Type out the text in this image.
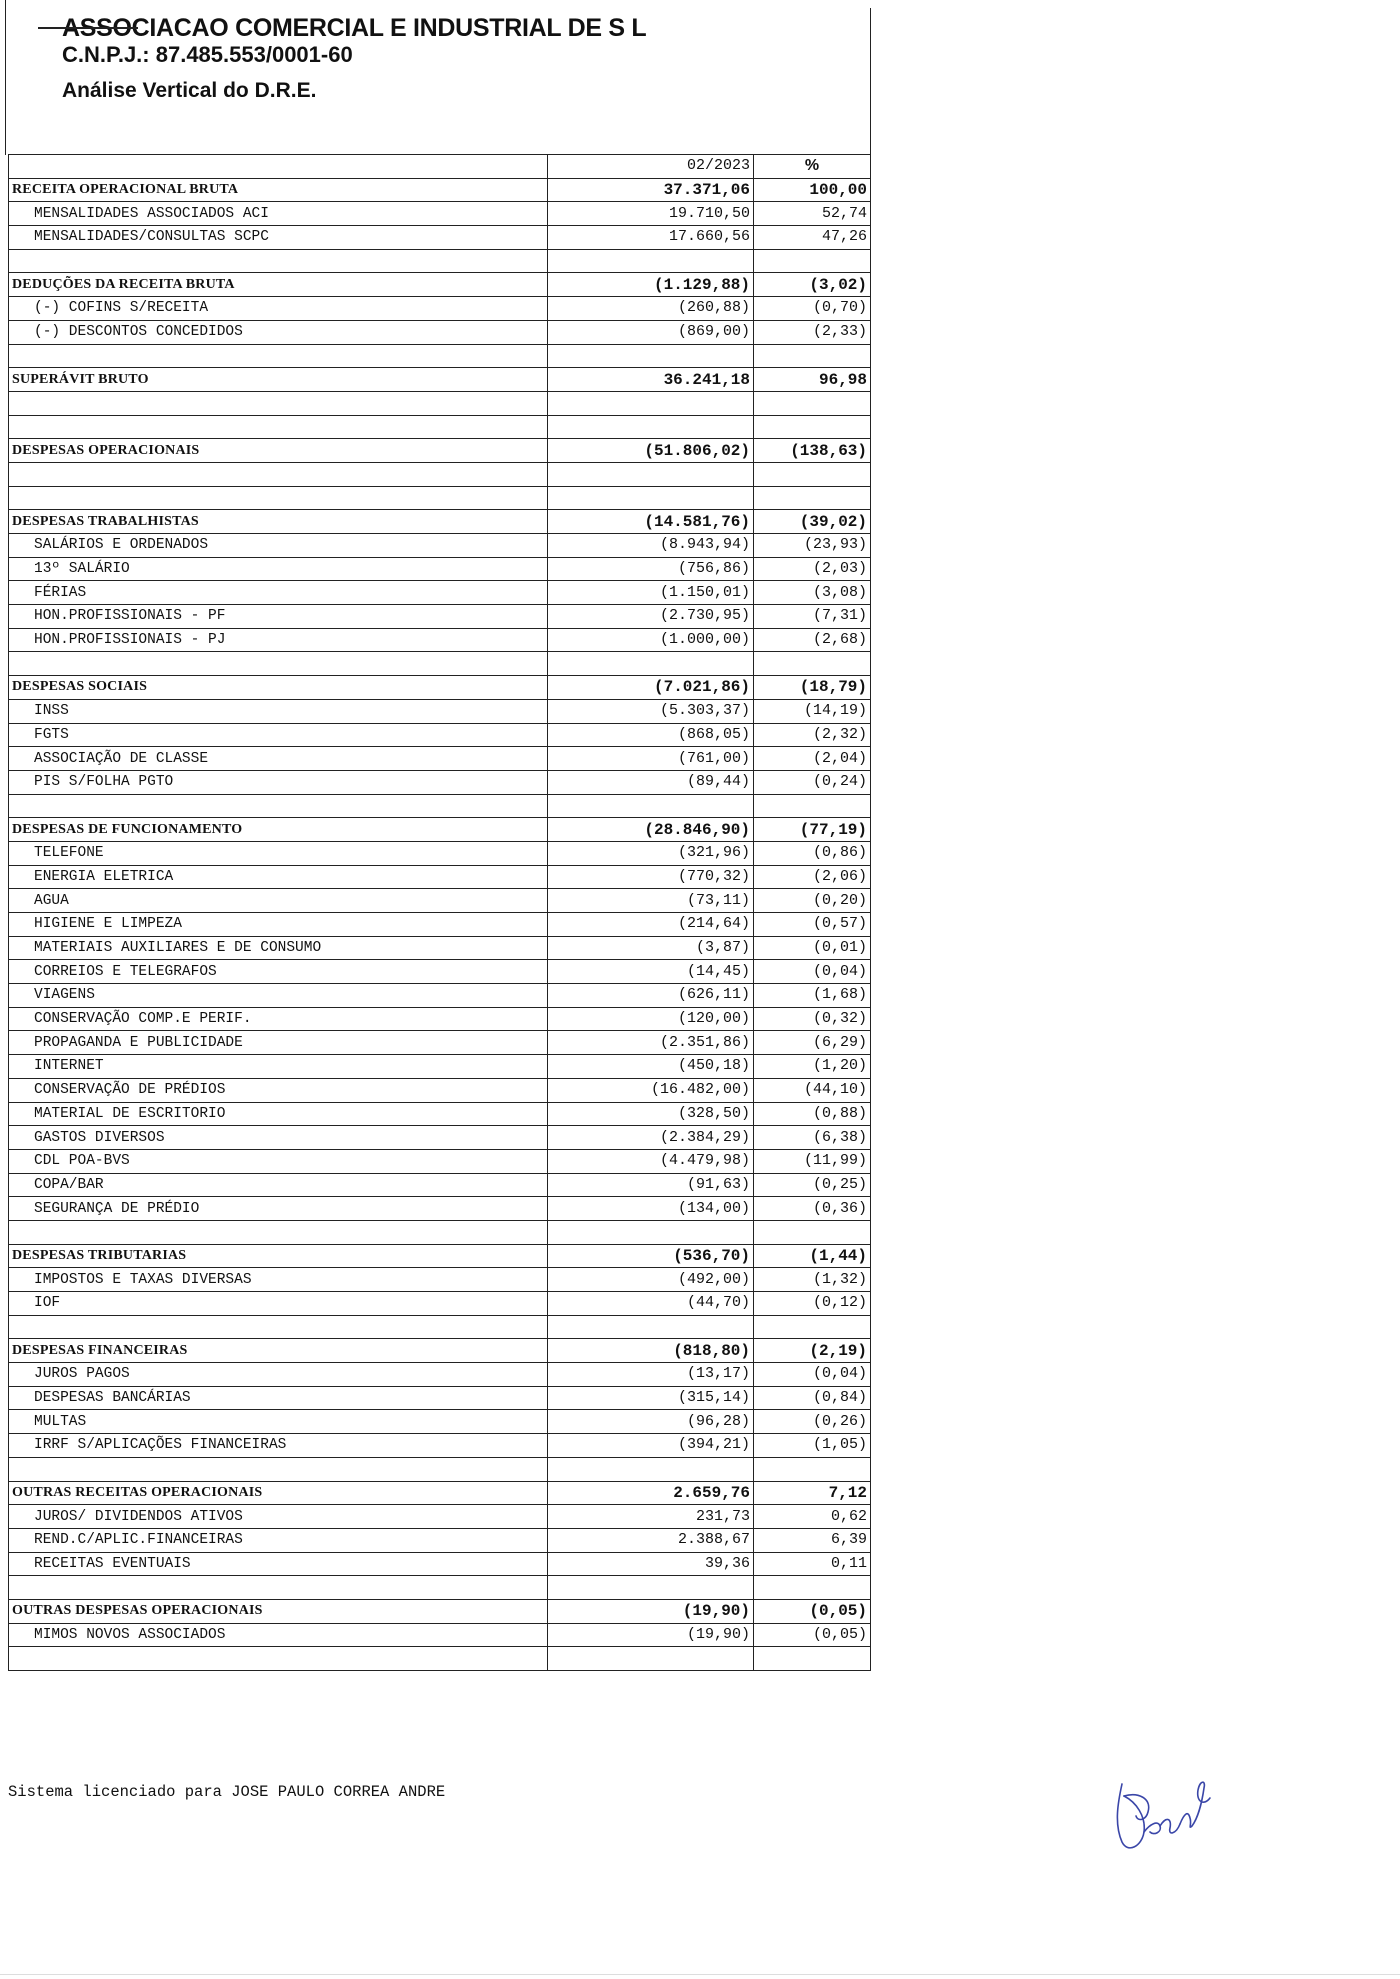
ASSOCIACAO COMERCIAL E INDUSTRIAL DE S L
C.N.P.J.: 87.485.553/0001-60
Análise Vertical do D.R.E.
	02/2023	%
RECEITA OPERACIONAL BRUTA	37.371,06	100,00
MENSALIDADES ASSOCIADOS ACI	19.710,50	52,74
MENSALIDADES/CONSULTAS SCPC	17.660,56	47,26

DEDUÇÕES DA RECEITA BRUTA	(1.129,88)	(3,02)
(-) COFINS S/RECEITA	(260,88)	(0,70)
(-) DESCONTOS CONCEDIDOS	(869,00)	(2,33)

SUPERÁVIT BRUTO	36.241,18	96,98

DESPESAS OPERACIONAIS	(51.806,02)	(138,63)

DESPESAS TRABALHISTAS	(14.581,76)	(39,02)
SALÁRIOS E ORDENADOS	(8.943,94)	(23,93)
13º SALÁRIO	(756,86)	(2,03)
FÉRIAS	(1.150,01)	(3,08)
HON.PROFISSIONAIS - PF	(2.730,95)	(7,31)
HON.PROFISSIONAIS - PJ	(1.000,00)	(2,68)

DESPESAS SOCIAIS	(7.021,86)	(18,79)
INSS	(5.303,37)	(14,19)
FGTS	(868,05)	(2,32)
ASSOCIAÇÃO DE CLASSE	(761,00)	(2,04)
PIS S/FOLHA PGTO	(89,44)	(0,24)

DESPESAS DE FUNCIONAMENTO	(28.846,90)	(77,19)
TELEFONE	(321,96)	(0,86)
ENERGIA ELETRICA	(770,32)	(2,06)
AGUA	(73,11)	(0,20)
HIGIENE E LIMPEZA	(214,64)	(0,57)
MATERIAIS AUXILIARES E DE CONSUMO	(3,87)	(0,01)
CORREIOS E TELEGRAFOS	(14,45)	(0,04)
VIAGENS	(626,11)	(1,68)
CONSERVAÇÃO COMP.E PERIF.	(120,00)	(0,32)
PROPAGANDA E PUBLICIDADE	(2.351,86)	(6,29)
INTERNET	(450,18)	(1,20)
CONSERVAÇÃO DE PRÉDIOS	(16.482,00)	(44,10)
MATERIAL DE ESCRITORIO	(328,50)	(0,88)
GASTOS DIVERSOS	(2.384,29)	(6,38)
CDL POA-BVS	(4.479,98)	(11,99)
COPA/BAR	(91,63)	(0,25)
SEGURANÇA DE PRÉDIO	(134,00)	(0,36)

DESPESAS TRIBUTARIAS	(536,70)	(1,44)
IMPOSTOS E TAXAS DIVERSAS	(492,00)	(1,32)
IOF	(44,70)	(0,12)

DESPESAS FINANCEIRAS	(818,80)	(2,19)
JUROS PAGOS	(13,17)	(0,04)
DESPESAS BANCÁRIAS	(315,14)	(0,84)
MULTAS	(96,28)	(0,26)
IRRF S/APLICAÇÕES FINANCEIRAS	(394,21)	(1,05)

OUTRAS RECEITAS OPERACIONAIS	2.659,76	7,12
JUROS/ DIVIDENDOS ATIVOS	231,73	0,62
REND.C/APLIC.FINANCEIRAS	2.388,67	6,39
RECEITAS EVENTUAIS	39,36	0,11

OUTRAS DESPESAS OPERACIONAIS	(19,90)	(0,05)
MIMOS NOVOS ASSOCIADOS	(19,90)	(0,05)

Sistema licenciado para JOSE PAULO CORREA ANDRE
